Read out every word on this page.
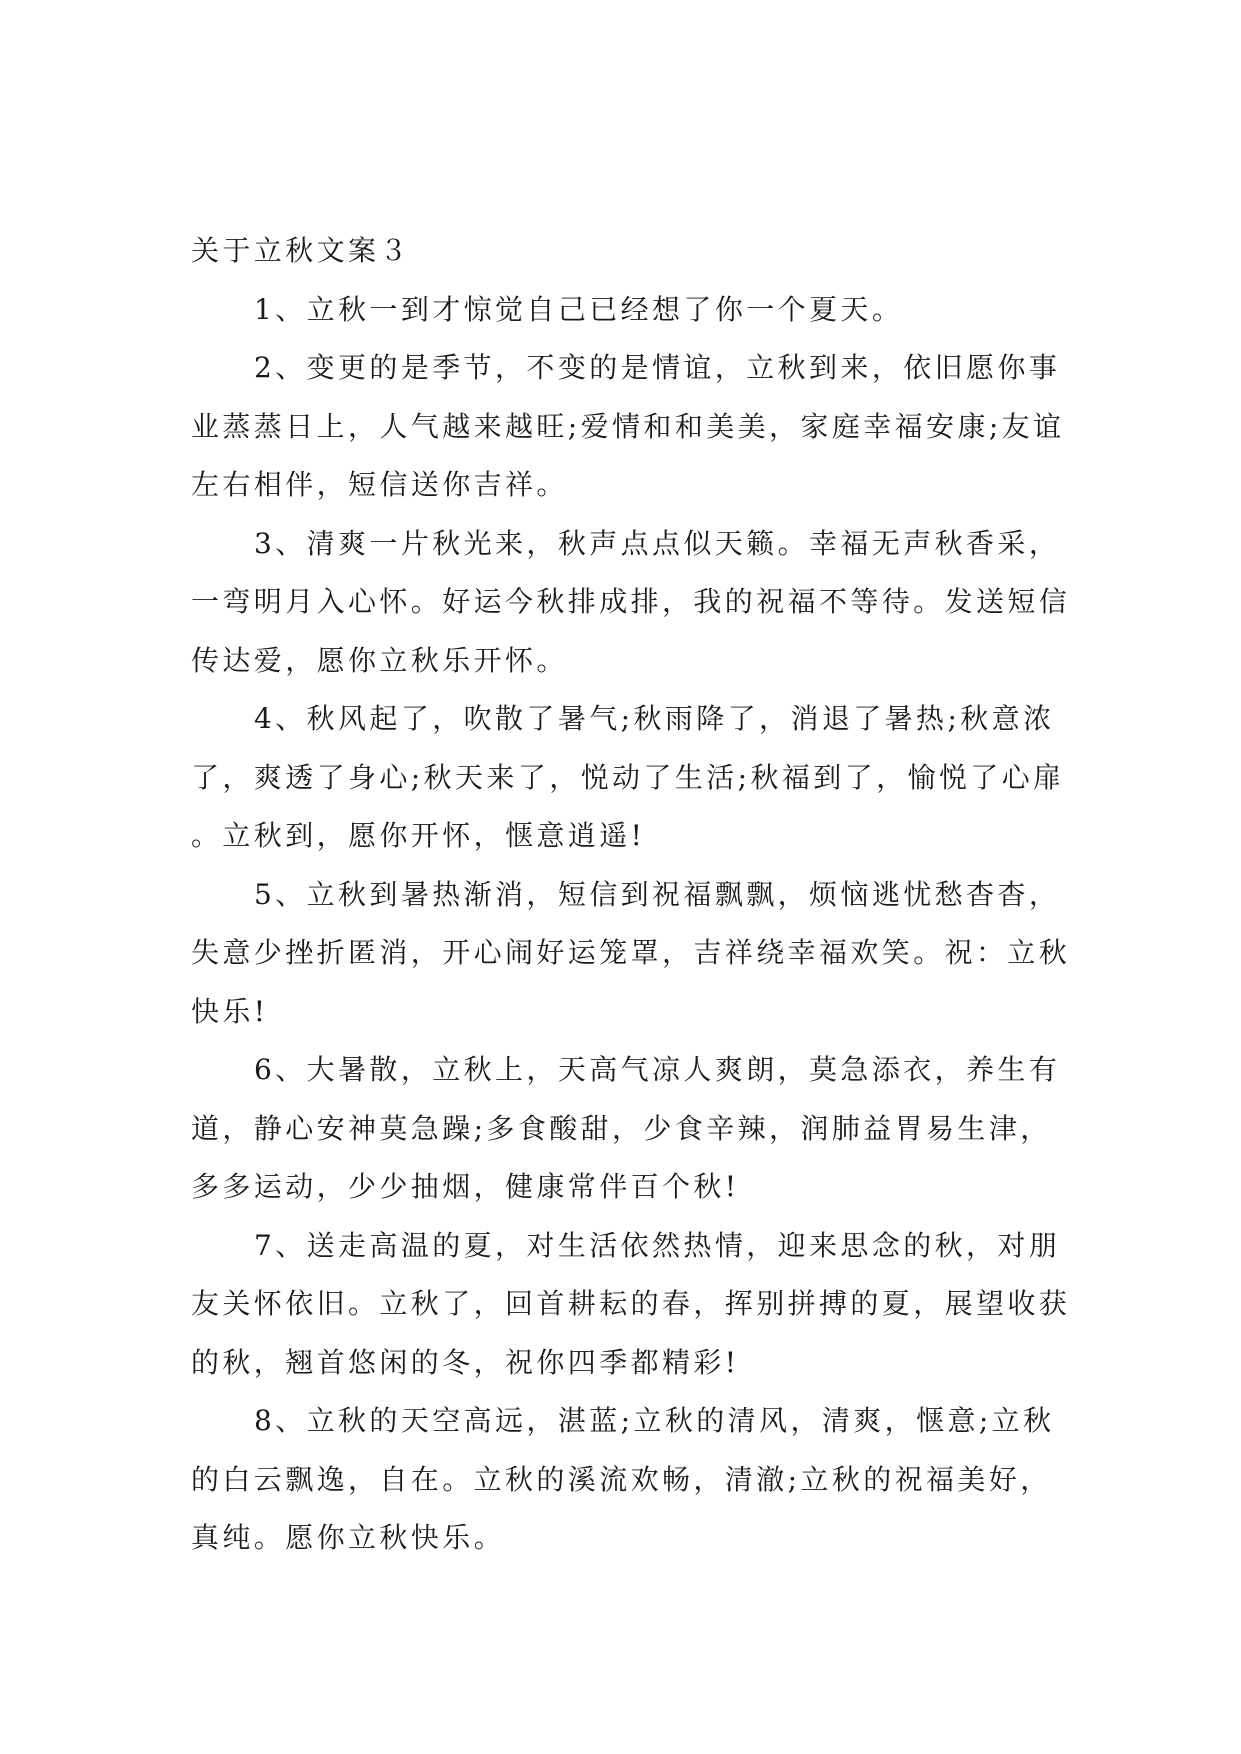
关于立秋文案３

1、立秋一到才惊觉自己已经想了你一个夏天。

2、变更的是季节，不变的是情谊，立秋到来，依旧愿你事业蒸蒸日上，人气越来越旺;爱情和和美美，家庭幸福安康;友谊左右相伴，短信送你吉祥。

3、清爽一片秋光来，秋声点点似天籁。幸福无声秋香采，一弯明月入心怀。好运今秋排成排，我的祝福不等待。发送短信传达爱，愿你立秋乐开怀。

4、秋风起了，吹散了暑气;秋雨降了，消退了暑热;秋意浓了，爽透了身心;秋天来了，悦动了生活;秋福到了，愉悦了心扉。立秋到，愿你开怀，惬意逍遥!

5、立秋到暑热渐消，短信到祝福飘飘，烦恼逃忧愁杳杳，失意少挫折匿消，开心闹好运笼罩，吉祥绕幸福欢笑。祝：立秋快乐!

6、大暑散，立秋上，天高气凉人爽朗，莫急添衣，养生有道，静心安神莫急躁;多食酸甜，少食辛辣，润肺益胃易生津，多多运动，少少抽烟，健康常伴百个秋!

7、送走高温的夏，对生活依然热情，迎来思念的秋，对朋友关怀依旧。立秋了，回首耕耘的春，挥别拼搏的夏，展望收获的秋，翘首悠闲的冬，祝你四季都精彩!

8、立秋的天空高远，湛蓝;立秋的清风，清爽，惬意;立秋的白云飘逸，自在。立秋的溪流欢畅，清澈;立秋的祝福美好，真纯。愿你立秋快乐。
